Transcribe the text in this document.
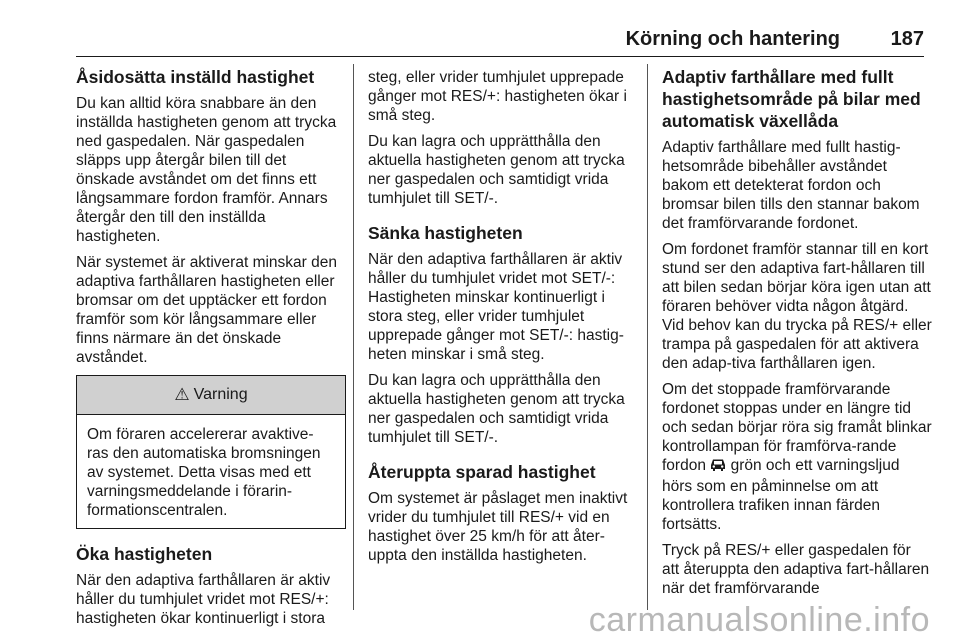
Körning och hantering	187
Åsidosätta inställd hastighet

Du kan alltid köra snabbare än den inställda hastigheten genom att trycka ned gaspedalen. När gaspedalen släpps upp återgår bilen till det önskade avståndet om det finns ett långsammare fordon framför. Annars återgår den till den inställda hastigheten.

När systemet är aktiverat minskar den adaptiva farthållaren hastigheten eller bromsar om det upptäcker ett fordon framför som kör långsammare eller finns närmare än det önskade avståndet.

⚠ Varning

Om föraren accelererar avaktive-ras den automatiska bromsningen av systemet. Detta visas med ett varningsmeddelande i förarin-formationscentralen.

Öka hastigheten

När den adaptiva farthållaren är aktiv håller du tumhjulet vridet mot RES/+: hastigheten ökar kontinuerligt i stora

steg, eller vrider tumhjulet upprepade gånger mot RES/+: hastigheten ökar i små steg.

Du kan lagra och upprätthålla den aktuella hastigheten genom att trycka ner gaspedalen och samtidigt vrida tumhjulet till SET/-.

Sänka hastigheten

När den adaptiva farthållaren är aktiv håller du tumhjulet vridet mot SET/-: Hastigheten minskar kontinuerligt i stora steg, eller vrider tumhjulet upprepade gånger mot SET/-: hastig-heten minskar i små steg.

Du kan lagra och upprätthålla den aktuella hastigheten genom att trycka ner gaspedalen och samtidigt vrida tumhjulet till SET/-.

Återuppta sparad hastighet

Om systemet är påslaget men inaktivt vrider du tumhjulet till RES/+ vid en hastighet över 25 km/h för att åter-uppta den inställda hastigheten.

Adaptiv farthållare med fullt hastighetsområde på bilar med automatisk växellåda

Adaptiv farthållare med fullt hastig-hetsområde bibehåller avståndet bakom ett detekterat fordon och bromsar bilen tills den stannar bakom det framförvarande fordonet.

Om fordonet framför stannar till en kort stund ser den adaptiva fart-hållaren till att bilen sedan börjar köra igen utan att föraren behöver vidta någon åtgärd. Vid behov kan du trycka på RES/+ eller trampa på gaspedalen för att aktivera den adap-tiva farthållaren igen.

Om det stoppade framförvarande fordonet stoppas under en längre tid och sedan börjar röra sig framåt blinkar kontrollampan för framförva-rande fordon grön och ett varningsljud hörs som en påminnelse om att kontrollera trafiken innan färden fortsätts.

Tryck på RES/+ eller gaspedalen för att återuppta den adaptiva fart-hållaren när det framförvarande

carmanualsonline.info
